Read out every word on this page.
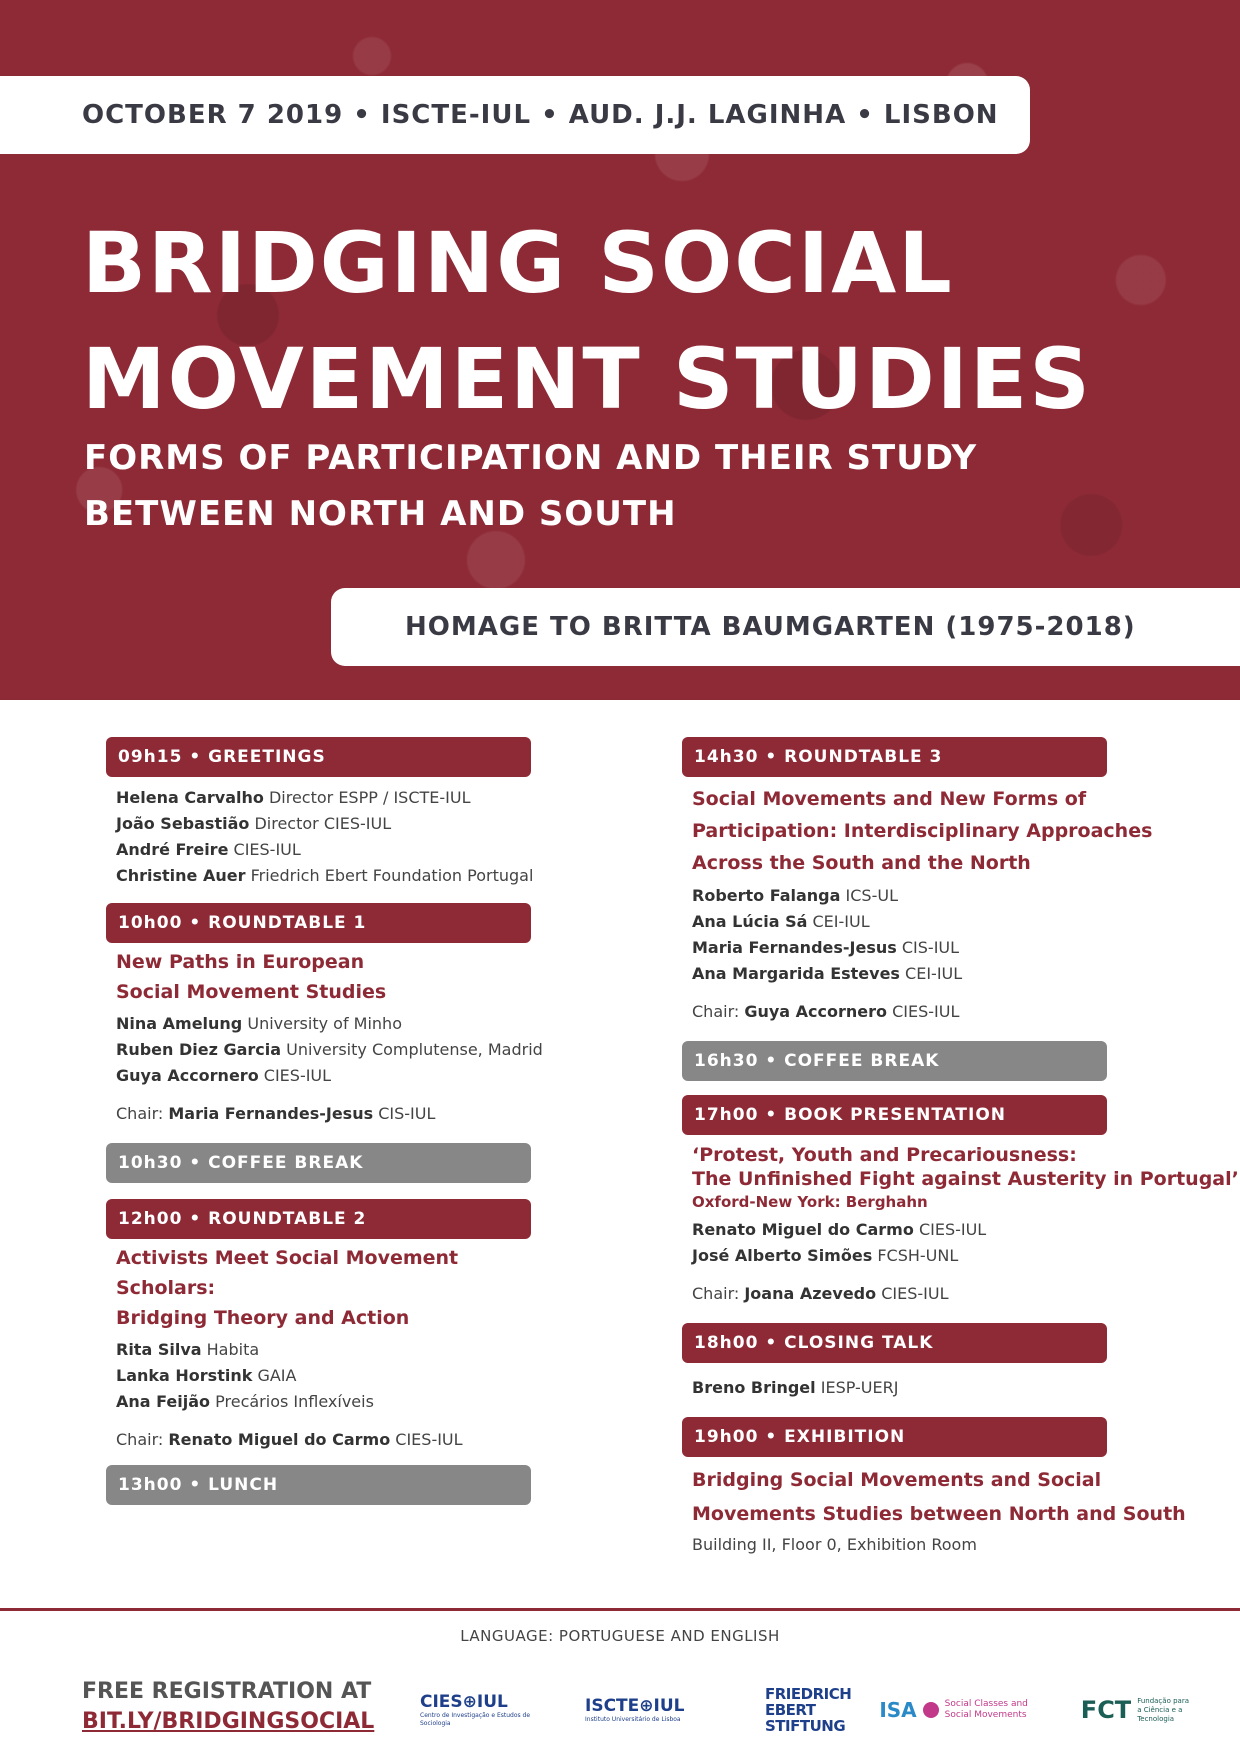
OCTOBER 7 2019 • ISCTE-IUL • AUD. J.J. LAGINHA • LISBON
BRIDGING SOCIAL
MOVEMENT STUDIES
FORMS OF PARTICIPATION AND THEIR STUDY
BETWEEN NORTH AND SOUTH
HOMAGE TO BRITTA BAUMGARTEN (1975-2018)
09h15 • GREETINGS
Helena Carvalho Director ESPP / ISCTE-IUL
João Sebastião Director CIES-IUL
André Freire CIES-IUL
Christine Auer Friedrich Ebert Foundation Portugal
10h00 • ROUNDTABLE 1
New Paths in European
Social Movement Studies
Nina Amelung University of Minho
Ruben Diez Garcia University Complutense, Madrid
Guya Accornero CIES-IUL
Chair: Maria Fernandes-Jesus CIS-IUL
10h30 • COFFEE BREAK
12h00 • ROUNDTABLE 2
Activists Meet Social Movement Scholars:
Bridging Theory and Action
Rita Silva Habita
Lanka Horstink GAIA
Ana Feijão Precários Inflexíveis
Chair: Renato Miguel do Carmo CIES-IUL
13h00 • LUNCH
14h30 • ROUNDTABLE 3
Social Movements and New Forms of
Participation: Interdisciplinary Approaches
Across the South and the North
Roberto Falanga ICS-UL
Ana Lúcia Sá CEI-IUL
Maria Fernandes-Jesus CIS-IUL
Ana Margarida Esteves CEI-IUL
Chair: Guya Accornero CIES-IUL
16h30 • COFFEE BREAK
17h00 • BOOK PRESENTATION
‘Protest, Youth and Precariousness:
The Unfinished Fight against Austerity in Portugal’
Oxford-New York: Berghahn
Renato Miguel do Carmo CIES-IUL
José Alberto Simões FCSH-UNL
Chair: Joana Azevedo CIES-IUL
18h00 • CLOSING TALK
Breno Bringel IESP-UERJ
19h00 • EXHIBITION
Bridging Social Movements and Social
Movements Studies between North and South
Building II, Floor 0, Exhibition Room
LANGUAGE: PORTUGUESE AND ENGLISH
FREE REGISTRATION AT
BIT.LY/BRIDGINGSOCIAL
CIES⊕IUL
Centro de Investigação e Estudos de Sociologia
ISCTE⊕IUL
Instituto Universitário de Lisboa
FRIEDRICH
EBERT
STIFTUNG
ISA	Social Classes and Social Movements	FCT Fundação para a Ciência e a Tecnologia
